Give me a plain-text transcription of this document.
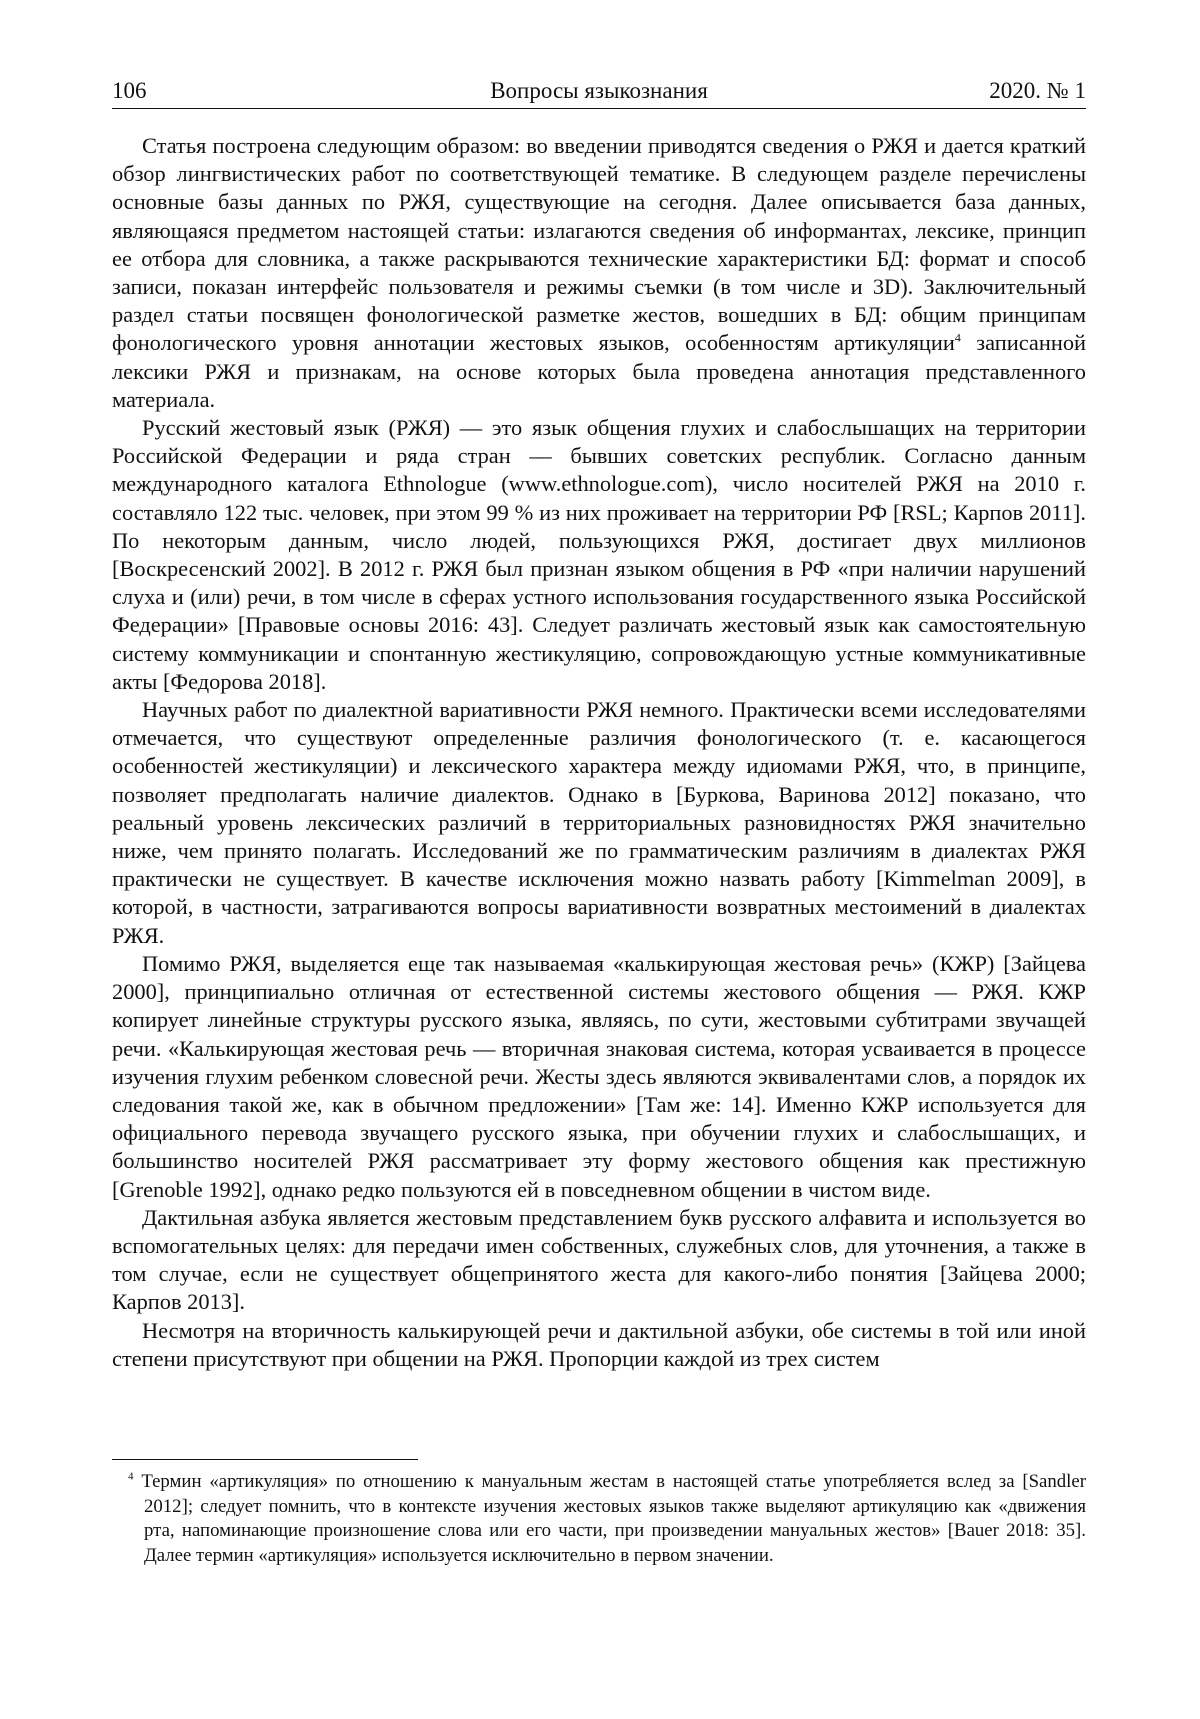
106	Вопросы языкознания	2020. № 1

Статья построена следующим образом: во введении приводятся сведения о РЖЯ и дается краткий обзор лингвистических работ по соответствующей тематике. В следующем разделе перечислены основные базы данных по РЖЯ, существующие на сегодня. Далее описывается база данных, являющаяся предметом настоящей статьи: излагаются сведения об информантах, лексике, принцип ее отбора для словника, а также раскрываются технические характеристики БД: формат и способ записи, показан интерфейс пользователя и режимы съемки (в том числе и 3D). Заключительный раздел статьи посвящен фонологической разметке жестов, вошедших в БД: общим принципам фонологического уровня аннотации жестовых языков, особенностям артикуляции$^4$ записанной лексики РЖЯ и признакам, на основе которых была проведена аннотация представленного материала.

Русский жестовый язык (РЖЯ) — это язык общения глухих и слабослышащих на территории Российской Федерации и ряда стран — бывших советских республик. Согласно данным международного каталога Ethnologue (www.ethnologue.com), число носителей РЖЯ на 2010 г. составляло 122 тыс. человек, при этом 99 % из них проживает на территории РФ [RSL; Карпов 2011]. По некоторым данным, число людей, пользующихся РЖЯ, достигает двух миллионов [Воскресенский 2002]. В 2012 г. РЖЯ был признан языком общения в РФ «при наличии нарушений слуха и (или) речи, в том числе в сферах устного использования государственного языка Российской Федерации» [Правовые основы 2016: 43]. Следует различать жестовый язык как самостоятельную систему коммуникации и спонтанную жестикуляцию, сопровождающую устные коммуникативные акты [Федорова 2018].

Научных работ по диалектной вариативности РЖЯ немного. Практически всеми исследователями отмечается, что существуют определенные различия фонологического (т. е. касающегося особенностей жестикуляции) и лексического характера между идиомами РЖЯ, что, в принципе, позволяет предполагать наличие диалектов. Однако в [Буркова, Варинова 2012] показано, что реальный уровень лексических различий в территориальных разновидностях РЖЯ значительно ниже, чем принято полагать. Исследований же по грамматическим различиям в диалектах РЖЯ практически не существует. В качестве исключения можно назвать работу [Kimmelman 2009], в которой, в частности, затрагиваются вопросы вариативности возвратных местоимений в диалектах РЖЯ.

Помимо РЖЯ, выделяется еще так называемая «калькирующая жестовая речь» (КЖР) [Зайцева 2000], принципиально отличная от естественной системы жестового общения — РЖЯ. КЖР копирует линейные структуры русского языка, являясь, по сути, жестовыми субтитрами звучащей речи. «Калькирующая жестовая речь — вторичная знаковая система, которая усваивается в процессе изучения глухим ребенком словесной речи. Жесты здесь являются эквивалентами слов, а порядок их следования такой же, как в обычном предложении» [Там же: 14]. Именно КЖР используется для официального перевода звучащего русского языка, при обучении глухих и слабослышащих, и большинство носителей РЖЯ рассматривает эту форму жестового общения как престижную [Grenoble 1992], однако редко пользуются ей в повседневном общении в чистом виде.

Дактильная азбука является жестовым представлением букв русского алфавита и используется во вспомогательных целях: для передачи имен собственных, служебных слов, для уточнения, а также в том случае, если не существует общепринятого жеста для какого-либо понятия [Зайцева 2000; Карпов 2013].

Несмотря на вторичность калькирующей речи и дактильной азбуки, обе системы в той или иной степени присутствуют при общении на РЖЯ. Пропорции каждой из трех систем

$^4$ Термин «артикуляция» по отношению к мануальным жестам в настоящей статье употребляется вслед за [Sandler 2012]; следует помнить, что в контексте изучения жестовых языков также выделяют артикуляцию как «движения рта, напоминающие произношение слова или его части, при произведении мануальных жестов» [Bauer 2018: 35]. Далее термин «артикуляция» используется исключительно в первом значении.
